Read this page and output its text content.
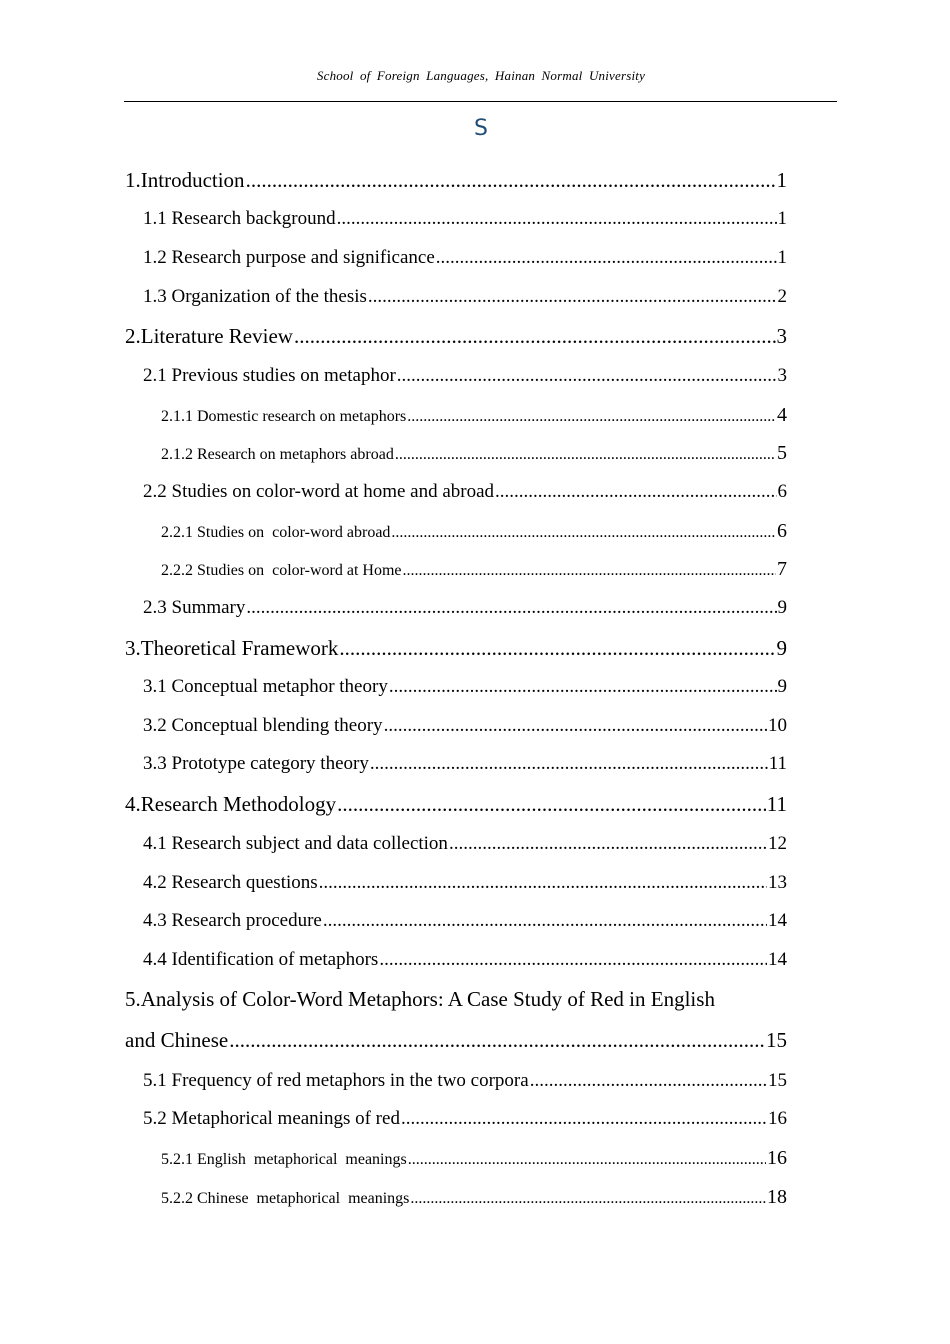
School of Foreign Languages, Hainan Normal University
S
1.Introduction .....	1
1.1 Research background .....	1
1.2 Research purpose and significance .....	1
1.3 Organization of the thesis .....	2
2.Literature Review .....	3
2.1 Previous studies on metaphor .....	3
2.1.1 Domestic research on metaphors .....	4
2.1.2 Research on metaphors abroad .....	5
2.2 Studies on color-word at home and abroad .....	6
2.2.1 Studies on  color-word abroad .....	6
2.2.2 Studies on  color-word at Home .....	7
2.3 Summary .....	9
3.Theoretical Framework .....	9
3.1 Conceptual metaphor theory .....	9
3.2 Conceptual blending theory .....	10
3.3 Prototype category theory .....	11
4.Research Methodology .....	11
4.1 Research subject and data collection .....	12
4.2 Research questions .....	13
4.3 Research procedure .....	14
4.4 Identification of metaphors .....	14
5.Analysis of Color-Word Metaphors: A Case Study of Red in English
and Chinese .....	15
5.1 Frequency of red metaphors in the two corpora .....	15
5.2 Metaphorical meanings of red .....	16
5.2.1 English  metaphorical  meanings .....	16
5.2.2 Chinese  metaphorical  meanings .....	18
